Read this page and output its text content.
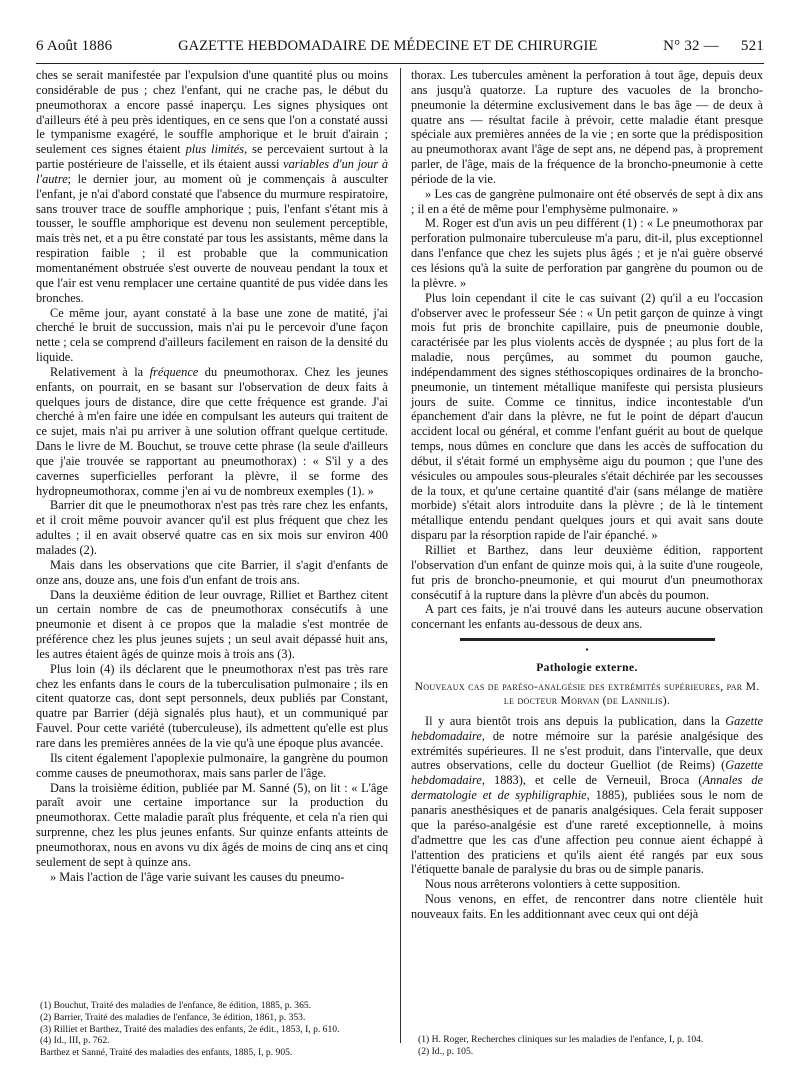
6 Août 1886	GAZETTE HEBDOMADAIRE DE MÉDECINE ET DE CHIRURGIE	N° 32 — 521

ches se serait manifestée par l'expulsion d'une quantité plus ou moins considérable de pus ; chez l'enfant, qui ne crache pas, le début du pneumothorax a encore passé inaperçu. Les signes physiques ont d'ailleurs été à peu près identiques, en ce sens que l'on a constaté aussi le tympanisme exagéré, le souffle amphorique et le bruit d'airain ; seulement ces signes étaient plus limités, se percevaient surtout à la partie postérieure de l'aisselle, et ils étaient aussi variables d'un jour à l'autre; le dernier jour, au moment où je commençais à ausculter l'enfant, je n'ai d'abord constaté que l'absence du murmure respiratoire, sans trouver trace de souffle amphorique ; puis, l'enfant s'étant mis à tousser, le souffle amphorique est devenu non seulement perceptible, mais très net, et a pu être constaté par tous les assistants, même dans la respiration faible ; il est probable que la communication momentanément obstruée s'est ouverte de nouveau pendant la toux et que l'air est venu remplacer une certaine quantité de pus vidée dans les bronches.

Ce même jour, ayant constaté à la base une zone de matité, j'ai cherché le bruit de succussion, mais n'ai pu le percevoir d'une façon nette ; cela se comprend d'ailleurs facilement en raison de la densité du liquide.

Relativement à la fréquence du pneumothorax. Chez les jeunes enfants, on pourrait, en se basant sur l'observation de deux faits à quelques jours de distance, dire que cette fréquence est grande. J'ai cherché à m'en faire une idée en compulsant les auteurs qui traitent de ce sujet, mais n'ai pu arriver à une solution offrant quelque certitude. Dans le livre de M. Bouchut, se trouve cette phrase (la seule d'ailleurs que j'aie trouvée se rapportant au pneumothorax) : « S'il y a des cavernes superficielles perforant la plèvre, il se forme des hydropneumothorax, comme j'en ai vu de nombreux exemples (1). »

Barrier dit que le pneumothorax n'est pas très rare chez les enfants, et il croit même pouvoir avancer qu'il est plus fréquent que chez les adultes ; il en avait observé quatre cas en six mois sur environ 400 malades (2).

Mais dans les observations que cite Barrier, il s'agit d'enfants de onze ans, douze ans, une fois d'un enfant de trois ans.

Dans la deuxième édition de leur ouvrage, Rilliet et Barthez citent un certain nombre de cas de pneumothorax consécutifs à une pneumonie et disent à ce propos que la maladie s'est montrée de préférence chez les plus jeunes sujets ; un seul avait dépassé huit ans, les autres étaient âgés de quinze mois à trois ans (3).

Plus loin (4) ils déclarent que le pneumothorax n'est pas très rare chez les enfants dans le cours de la tuberculisation pulmonaire ; ils en citent quatorze cas, dont sept personnels, deux publiés par Constant, quatre par Barrier (déjà signalés plus haut), et un communiqué par Fauvel. Pour cette variété (tuberculeuse), ils admettent qu'elle est plus rare dans les premières années de la vie qu'à une époque plus avancée.

Ils citent également l'apoplexie pulmonaire, la gangrène du poumon comme causes de pneumothorax, mais sans parler de l'âge.

Dans la troisième édition, publiée par M. Sanné (5), on lit : « L'âge paraît avoir une certaine importance sur la production du pneumothorax. Cette maladie paraît plus fréquente, et cela n'a rien qui surprenne, chez les plus jeunes enfants. Sur quinze enfants atteints de pneumothorax, nous en avons vu dix âgés de moins de cinq ans et cinq seulement de sept à quinze ans.

» Mais l'action de l'âge varie suivant les causes du pneumo-

(1) Bouchut, Traité des maladies de l'enfance, 8e édition, 1885, p. 365.
(2) Barrier, Traité des maladies de l'enfance, 3e édition, 1861, p. 353.
(3) Rilliet et Barthez, Traité des maladies des enfants, 2e édit., 1853, I, p. 610.
(4) Id., III, p. 762.
Barthez et Sanné, Traité des maladies des enfants, 1885, I, p. 905.

thorax. Les tubercules amènent la perforation à tout âge, depuis deux ans jusqu'à quatorze. La rupture des vacuoles de la broncho-pneumonie la détermine exclusivement dans le bas âge — de deux à quatre ans — résultat facile à prévoir, cette maladie étant presque spéciale aux premières années de la vie ; en sorte que la prédisposition au pneumothorax avant l'âge de sept ans, ne dépend pas, à proprement parler, de l'âge, mais de la fréquence de la broncho-pneumonie à cette période de la vie.

» Les cas de gangrène pulmonaire ont été observés de sept à dix ans ; il en a été de même pour l'emphysème pulmonaire. »

M. Roger est d'un avis un peu différent (1) : « Le pneumothorax par perforation pulmonaire tuberculeuse m'a paru, dit-il, plus exceptionnel dans l'enfance que chez les sujets plus âgés ; et je n'ai guère observé ces lésions qu'à la suite de perforation par gangrène du poumon ou de la plèvre. »

Plus loin cependant il cite le cas suivant (2) qu'il a eu l'occasion d'observer avec le professeur Sée : « Un petit garçon de quinze à vingt mois fut pris de bronchite capillaire, puis de pneumonie double, caractérisée par les plus violents accès de dyspnée ; au plus fort de la maladie, nous perçûmes, au sommet du poumon gauche, indépendamment des signes stéthoscopiques ordinaires de la broncho-pneumonie, un tintement métallique manifeste qui persista plusieurs jours de suite. Comme ce tinnitus, indice incontestable d'un épanchement d'air dans la plèvre, ne fut le point de départ d'aucun accident local ou général, et comme l'enfant guérit au bout de quelque temps, nous dûmes en conclure que dans les accès de suffocation du début, il s'était formé un emphysème aigu du poumon ; que l'une des vésicules ou ampoules sous-pleurales s'était déchirée par les secousses de la toux, et qu'une certaine quantité d'air (sans mélange de matière morbide) s'était alors introduite dans la plèvre ; de là le tintement métallique entendu pendant quelques jours et qui avait sans doute disparu par la résorption rapide de l'air épanché. »

Rilliet et Barthez, dans leur deuxième édition, rapportent l'observation d'un enfant de quinze mois qui, à la suite d'une rougeole, fut pris de broncho-pneumonie, et qui mourut d'un pneumothorax consécutif à la rupture dans la plèvre d'un abcès du poumon.

A part ces faits, je n'ai trouvé dans les auteurs aucune observation concernant les enfants au-dessous de deux ans.

▪
Pathologie externe.
Nouveaux cas de paréso-analgésie des extrémités supérieures, par M. le docteur Morvan (de Lannilis).

Il y aura bientôt trois ans depuis la publication, dans la Gazette hebdomadaire, de notre mémoire sur la parésie analgésique des extrémités supérieures. Il ne s'est produit, dans l'intervalle, que deux autres observations, celle du docteur Guelliot (de Reims) (Gazette hebdomadaire, 1883), et celle de Verneuil, Broca (Annales de dermatologie et de syphiligraphie, 1885), publiées sous le nom de panaris anesthésiques et de panaris analgésiques. Cela ferait supposer que la paréso-analgésie est d'une rareté exceptionnelle, à moins d'admettre que les cas d'une affection peu connue aient échappé à l'attention des praticiens et qu'ils aient été rangés par eux sous l'étiquette banale de paralysie du bras ou de simple panaris.

Nous nous arrêterons volontiers à cette supposition.

Nous venons, en effet, de rencontrer dans notre clientèle huit nouveaux faits. En les additionnant avec ceux qui ont déjà

(1) H. Roger, Recherches cliniques sur les maladies de l'enfance, I, p. 104.
(2) Id., p. 105.
